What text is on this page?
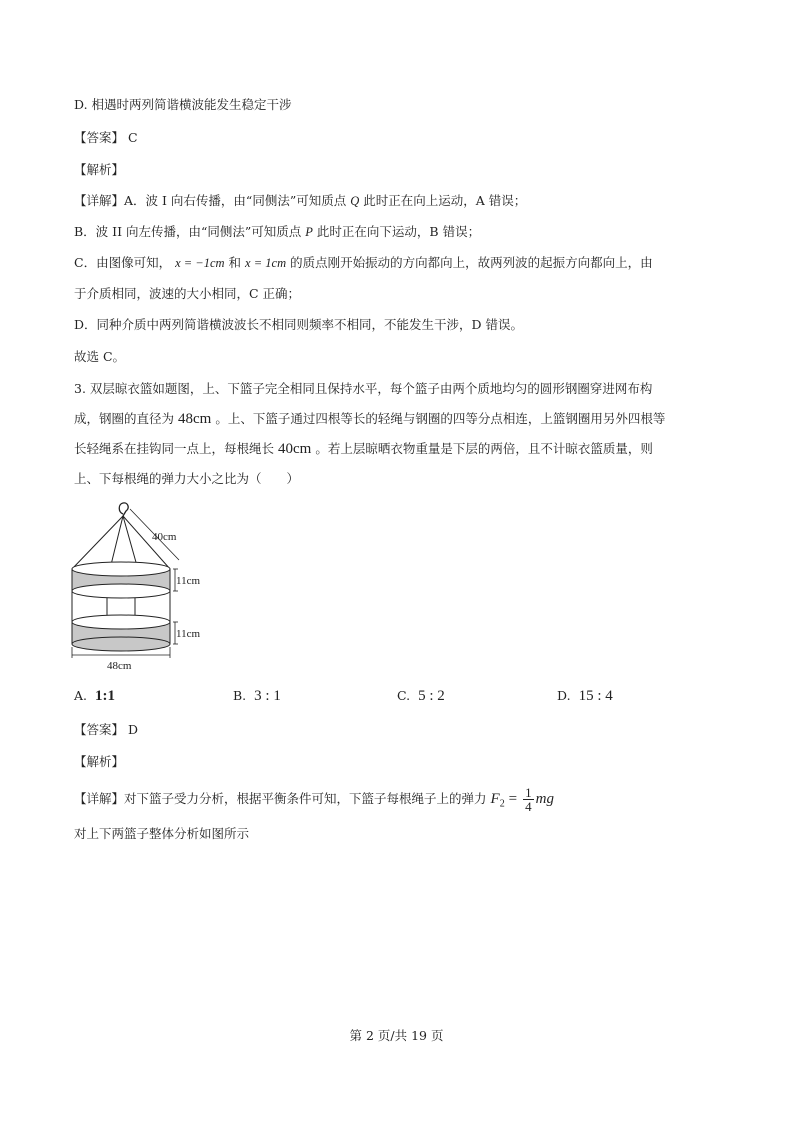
D. 相遇时两列简谐横波能发生稳定干涉
【答案】 C
【解析】
【详解】A．波 I 向右传播，由“同侧法”可知质点 Q 此时正在向上运动，A 错误；
B．波 II 向左传播，由“同侧法”可知质点 P 此时正在向下运动，B 错误；
C．由图像可知， x = −1cm 和 x = 1cm 的质点刚开始振动的方向都向上，故两列波的起振方向都向上，由
于介质相同，波速的大小相同，C 正确；
D．同种介质中两列简谐横波波长不相同则频率不相同，不能发生干涉，D 错误。
故选 C。
3. 双层晾衣篮如题图，上、下篮子完全相同且保持水平，每个篮子由两个质地均匀的圆形钢圈穿进网布构
成，钢圈的直径为 48cm 。上、下篮子通过四根等长的轻绳与钢圈的四等分点相连，上篮钢圈用另外四根等
长轻绳系在挂钩同一点上，每根绳长 40cm 。若上层晾晒衣物重量是下层的两倍，且不计晾衣篮质量，则
上、下每根绳的弹力大小之比为（　　）
40cm
11cm
11cm
48cm
A. 1:1	B. 3 : 1	C. 5 : 2	D. 15 : 4
【答案】 D
【解析】
【详解】对下篮子受力分析，根据平衡条件可知，下篮子每根绳子上的弹力 $F_2 = \frac{1}{4}$ mg
对上下两篮子整体分析如图所示
第 2 页/共 19 页
